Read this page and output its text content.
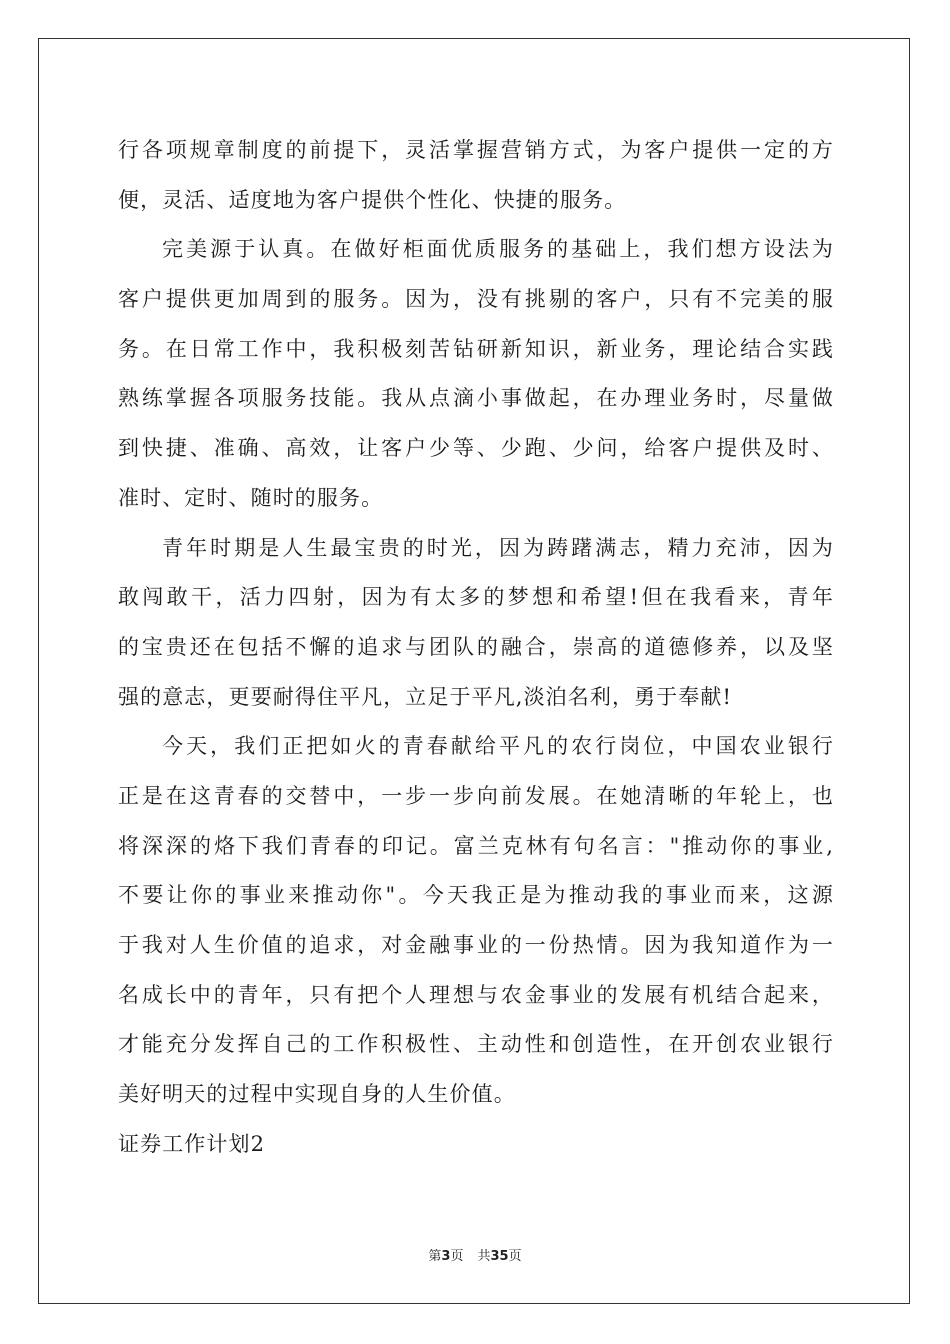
行各项规章制度的前提下，灵活掌握营销方式，为客户提供一定的方
便，灵活、适度地为客户提供个性化、快捷的服务。
完美源于认真。在做好柜面优质服务的基础上，我们想方设法为
客户提供更加周到的服务。因为，没有挑剔的客户，只有不完美的服
务。在日常工作中，我积极刻苦钻研新知识，新业务，理论结合实践
熟练掌握各项服务技能。我从点滴小事做起，在办理业务时，尽量做
到快捷、准确、高效，让客户少等、少跑、少问，给客户提供及时、
准时、定时、随时的服务。
青年时期是人生最宝贵的时光，因为踌躇满志，精力充沛，因为
敢闯敢干，活力四射，因为有太多的梦想和希望!但在我看来，青年
的宝贵还在包括不懈的追求与团队的融合，崇高的道德修养，以及坚
强的意志，更要耐得住平凡，立足于平凡,淡泊名利，勇于奉献!
今天，我们正把如火的青春献给平凡的农行岗位，中国农业银行
正是在这青春的交替中，一步一步向前发展。在她清晰的年轮上，也
将深深的烙下我们青春的印记。富兰克林有句名言："推动你的事业,
不要让你的事业来推动你"。今天我正是为推动我的事业而来，这源
于我对人生价值的追求，对金融事业的一份热情。因为我知道作为一
名成长中的青年，只有把个人理想与农金事业的发展有机结合起来，
才能充分发挥自己的工作积极性、主动性和创造性，在开创农业银行
美好明天的过程中实现自身的人生价值。
证券工作计划2
第3页 共35页
